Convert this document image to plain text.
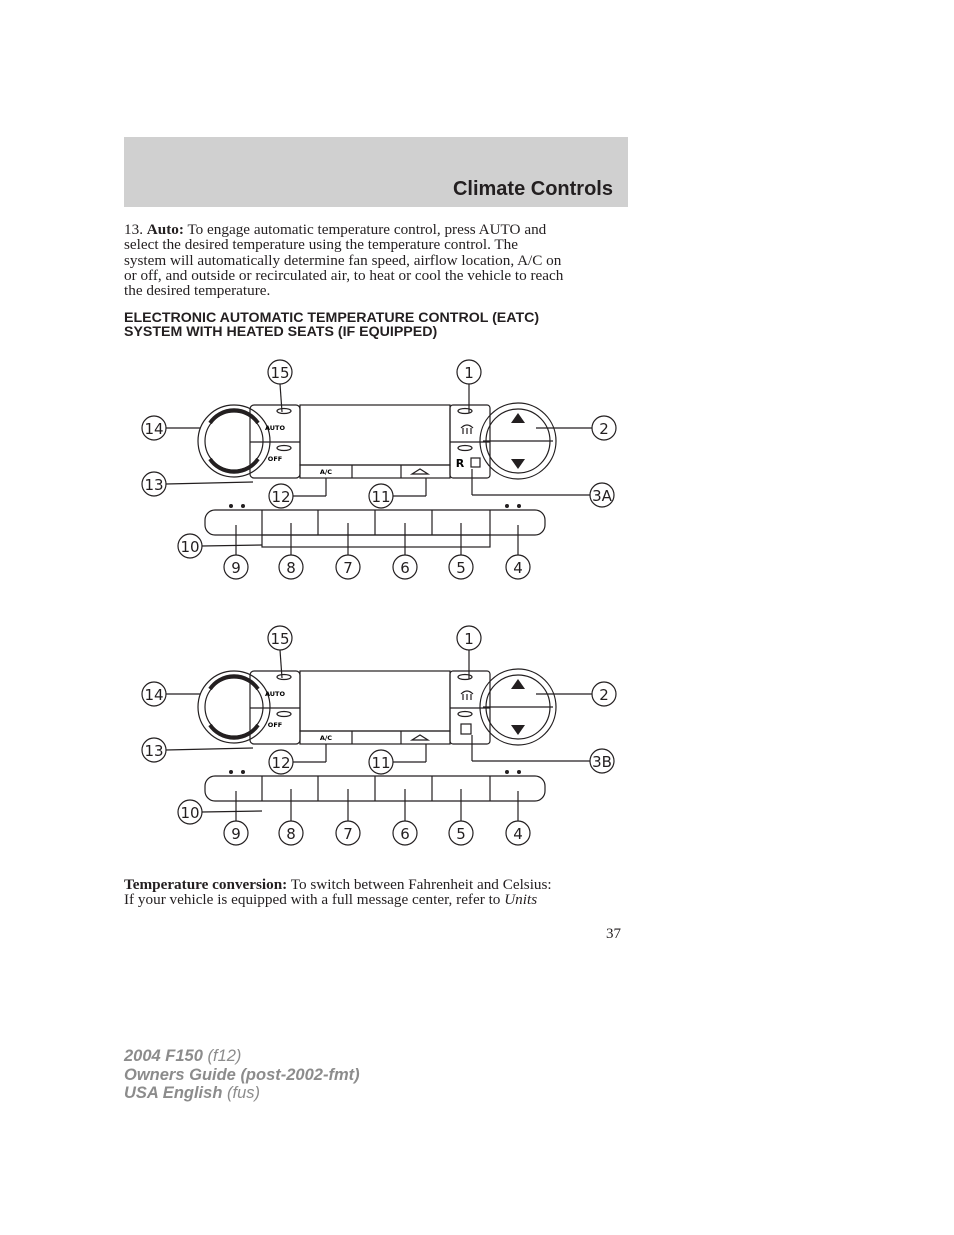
Climate Controls
13. Auto: To engage automatic temperature control, press AUTO and
select the desired temperature using the temperature control. The
system will automatically determine fan speed, airflow location, A/C on
or off, and outside or recirculated air, to heat or cool the vehicle to reach
the desired temperature.
ELECTRONIC AUTOMATIC TEMPERATURE CONTROL (EATC)
SYSTEM WITH HEATED SEATS (IF EQUIPPED)
AUTO
OFF
A/C
R
15	1
14	2
13
3A
12	11
10
9	8	7	6	5	4
AUTO
OFF
A/C
15	1
14	2
13
3B
12	11
10
9	8	7	6	5	4
Temperature conversion: To switch between Fahrenheit and Celsius:
If your vehicle is equipped with a full message center, refer to Units
37
2004 F150 (f12)
Owners Guide (post-2002-fmt)
USA English (fus)
